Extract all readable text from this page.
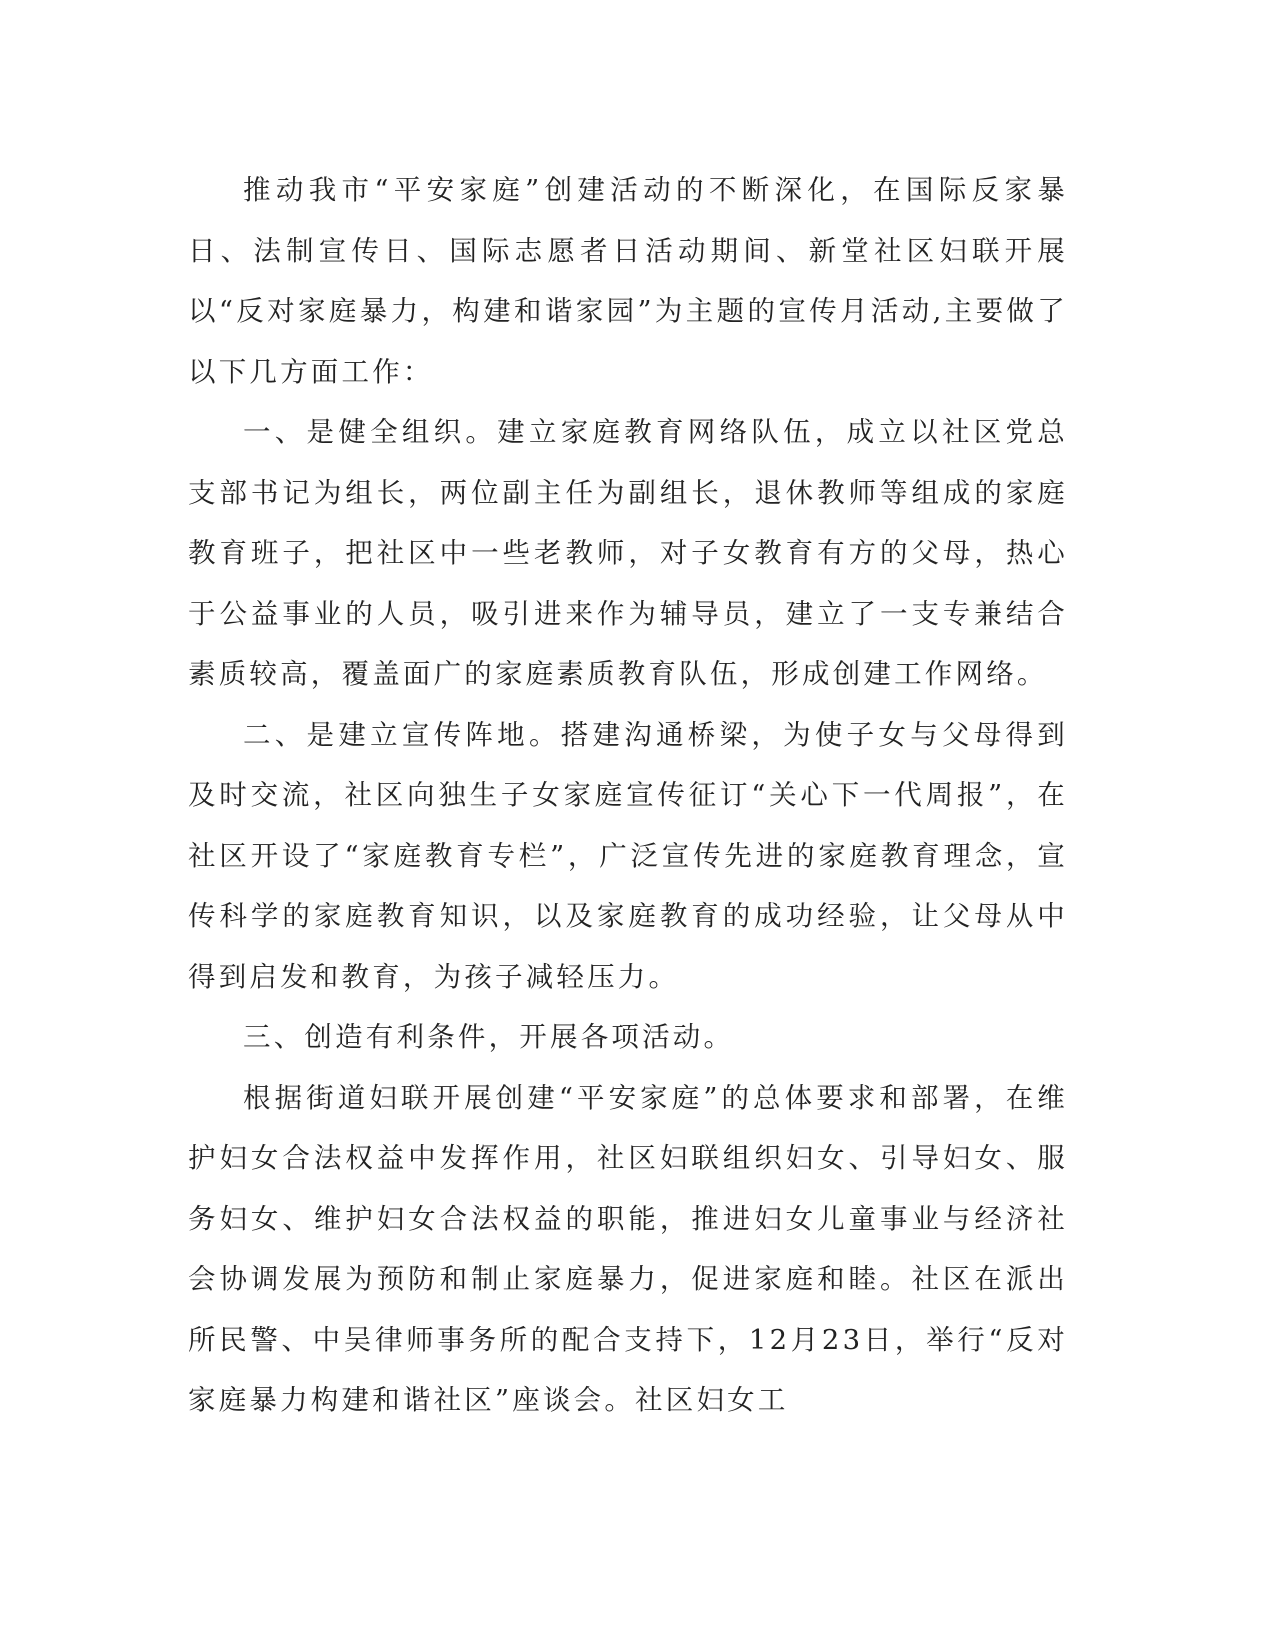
推动我市“平安家庭”创建活动的不断深化，在国际反家暴日、法制宣传日、国际志愿者日活动期间、新堂社区妇联开展以“反对家庭暴力，构建和谐家园”为主题的宣传月活动,主要做了以下几方面工作：

一、是健全组织。建立家庭教育网络队伍，成立以社区党总支部书记为组长，两位副主任为副组长，退休教师等组成的家庭教育班子，把社区中一些老教师，对子女教育有方的父母，热心于公益事业的人员，吸引进来作为辅导员，建立了一支专兼结合素质较高，覆盖面广的家庭素质教育队伍，形成创建工作网络。

二、是建立宣传阵地。搭建沟通桥梁，为使子女与父母得到及时交流，社区向独生子女家庭宣传征订“关心下一代周报”，在社区开设了“家庭教育专栏”，广泛宣传先进的家庭教育理念，宣传科学的家庭教育知识，以及家庭教育的成功经验，让父母从中得到启发和教育，为孩子减轻压力。

三、创造有利条件，开展各项活动。

根据街道妇联开展创建“平安家庭”的总体要求和部署，在维护妇女合法权益中发挥作用，社区妇联组织妇女、引导妇女、服务妇女、维护妇女合法权益的职能，推进妇女儿童事业与经济社会协调发展为预防和制止家庭暴力，促进家庭和睦。社区在派出所民警、中吴律师事务所的配合支持下，12月23日，举行“反对家庭暴力构建和谐社区”座谈会。社区妇女工
